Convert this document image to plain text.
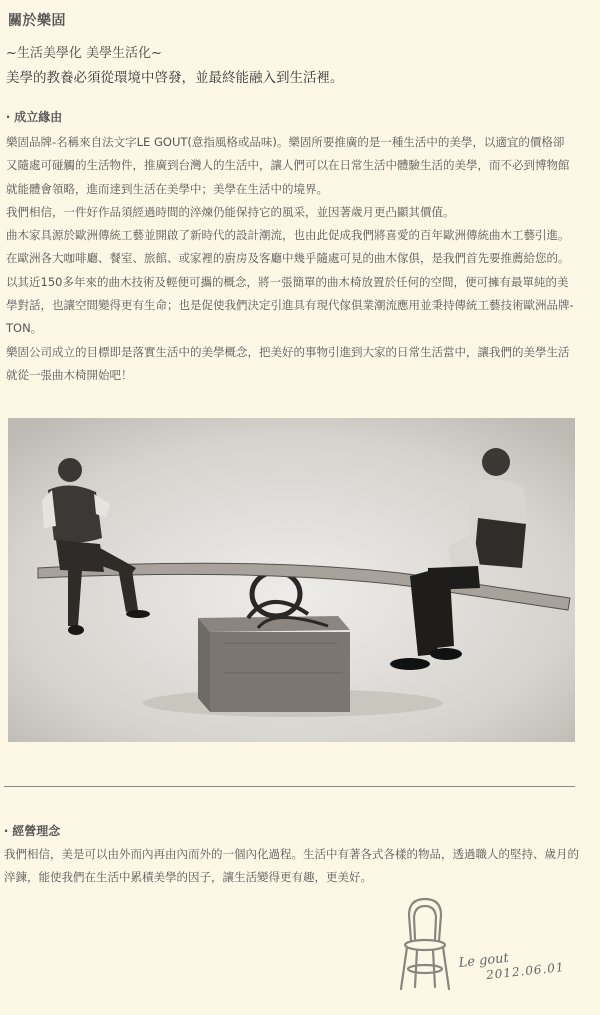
關於樂固
~生活美學化 美學生活化~
美學的教養必須從環境中啓發，並最終能融入到生活裡。
‧ 成立緣由

樂固品牌-名稱來自法文字LE GOUT(意指風格或品味)。樂固所要推廣的是一種生活中的美學，以適宜的價格卻又隨處可碰觸的生活物件，推廣到台灣人的生活中，讓人們可以在日常生活中體驗生活的美學，而不必到博物館就能體會領略，進而達到生活在美學中；美學在生活中的境界。

我們相信，一件好作品須經過時間的淬煉仍能保持它的風采，並因著歲月更凸顯其價值。

曲木家具源於歐洲傳統工藝並開啟了新時代的設計潮流，也由此促成我們將喜愛的百年歐洲傳統曲木工藝引進。在歐洲各大咖啡廳、餐室、旅館、或家裡的廚房及客廳中幾乎隨處可見的曲木傢俱，是我們首先要推薦給您的。以其近150多年來的曲木技術及輕便可攜的概念，將一張簡單的曲木椅放置於任何的空間，便可擁有最單純的美學對話，也讓空間變得更有生命；也是促使我們決定引進具有現代傢俱業潮流應用並秉持傳統工藝技術歐洲品牌-TON。

樂固公司成立的目標即是落實生活中的美學概念，把美好的事物引進到大家的日常生活當中，讓我們的美學生活就從一張曲木椅開始吧！

‧ 經營理念

我們相信，美是可以由外而內再由內而外的一個內化過程。生活中有著各式各樣的物品，透過職人的堅持、歲月的淬鍊，能使我們在生活中累積美學的因子，讓生活變得更有趣，更美好。

Le gout
2012.06.01
